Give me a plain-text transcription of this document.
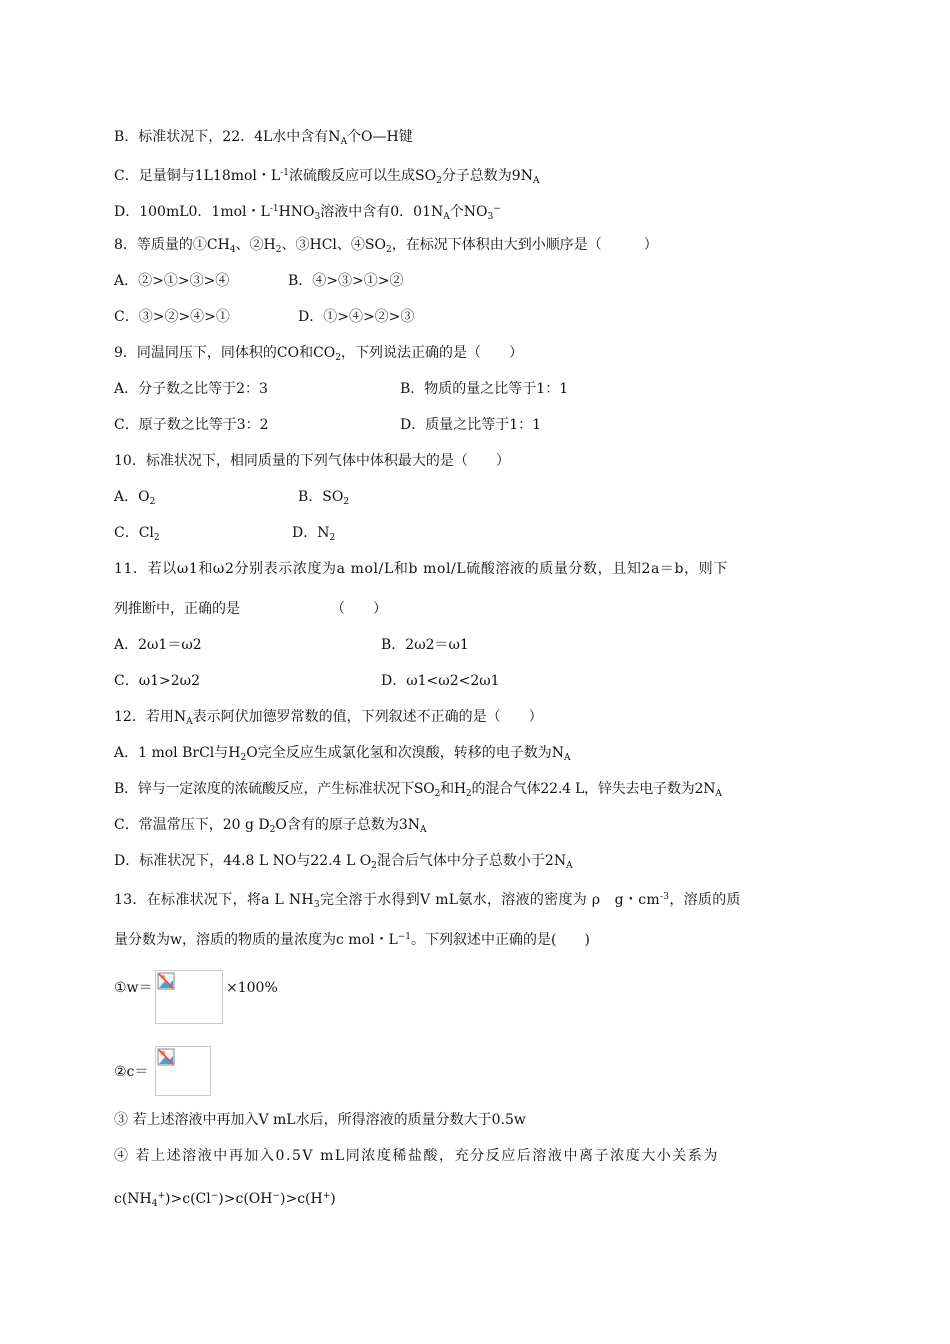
B．标准状况下，22．4L水中含有$N_A$个O—H键
C．足量铜与1L18mol・$L^{-1}$浓硫酸反应可以生成$SO_2$分子总数为$9N_A$
D．100mL0．1mol・$L^{-1}HNO_3$溶液中含有0．$01N_A$个$NO_3^-$
8．等质量的$①CH_4$、$②H_2$、③HCl、$④SO_2$，在标况下体积由大到小顺序是（　　　）
A．②>①>③>④	B．④>③>①>②
C．③>②>④>①	D．①>④>②>③
9．同温同压下，同体积的CO和$CO_2$，下列说法正确的是（　　）
A．分子数之比等于2：3	B．物质的量之比等于1：1
C．原子数之比等于3：2	D．质量之比等于1：1
10．标准状况下，相同质量的下列气体中体积最大的是（　　）
A．$O_2$	B．$SO_2$
C．$Cl_2$	D．$N_2$
11．若以ω1和ω2分别表示浓度为a mol/L和b mol/L硫酸溶液的质量分数，且知2a＝b，则下
列推断中，正确的是　　　　　　　（　　）
A．2ω1＝ω2	B．2ω2＝ω1
C．ω1>2ω2	D．ω1<ω2<2ω1
12．若用$N_A$表示阿伏加德罗常数的值，下列叙述不正确的是（　　）
A．1 mol BrCl与$H_2O$完全反应生成氯化氢和次溴酸，转移的电子数为$N_A$
B．锌与一定浓度的浓硫酸反应，产生标准状况下$SO_2$和$H_2$的混合气体22.4 L，锌失去电子数为$2N_A$
C．常温常压下，20 g $D_2O$含有的原子总数为$3N_A$
D．标准状况下，44.8 L NO与22.4 L $O_2$混合后气体中分子总数小于$2N_A$
13．在标准状况下，将a L $NH_3$完全溶于水得到V mL氨水，溶液的密度为 ρ　g・$cm^{-3}$，溶质的质
量分数为w，溶质的物质的量浓度为c mol・$L^{-1}$。下列叙述中正确的是(　　)
①w＝	×100%
②c＝
③ 若上述溶液中再加入V mL水后，所得溶液的质量分数大于0.5w
④ 若上述溶液中再加入0.5V mL同浓度稀盐酸，充分反应后溶液中离子浓度大小关系为
$c(NH_4^+)>c(Cl^-)>c(OH^-)>c(H^+)$
